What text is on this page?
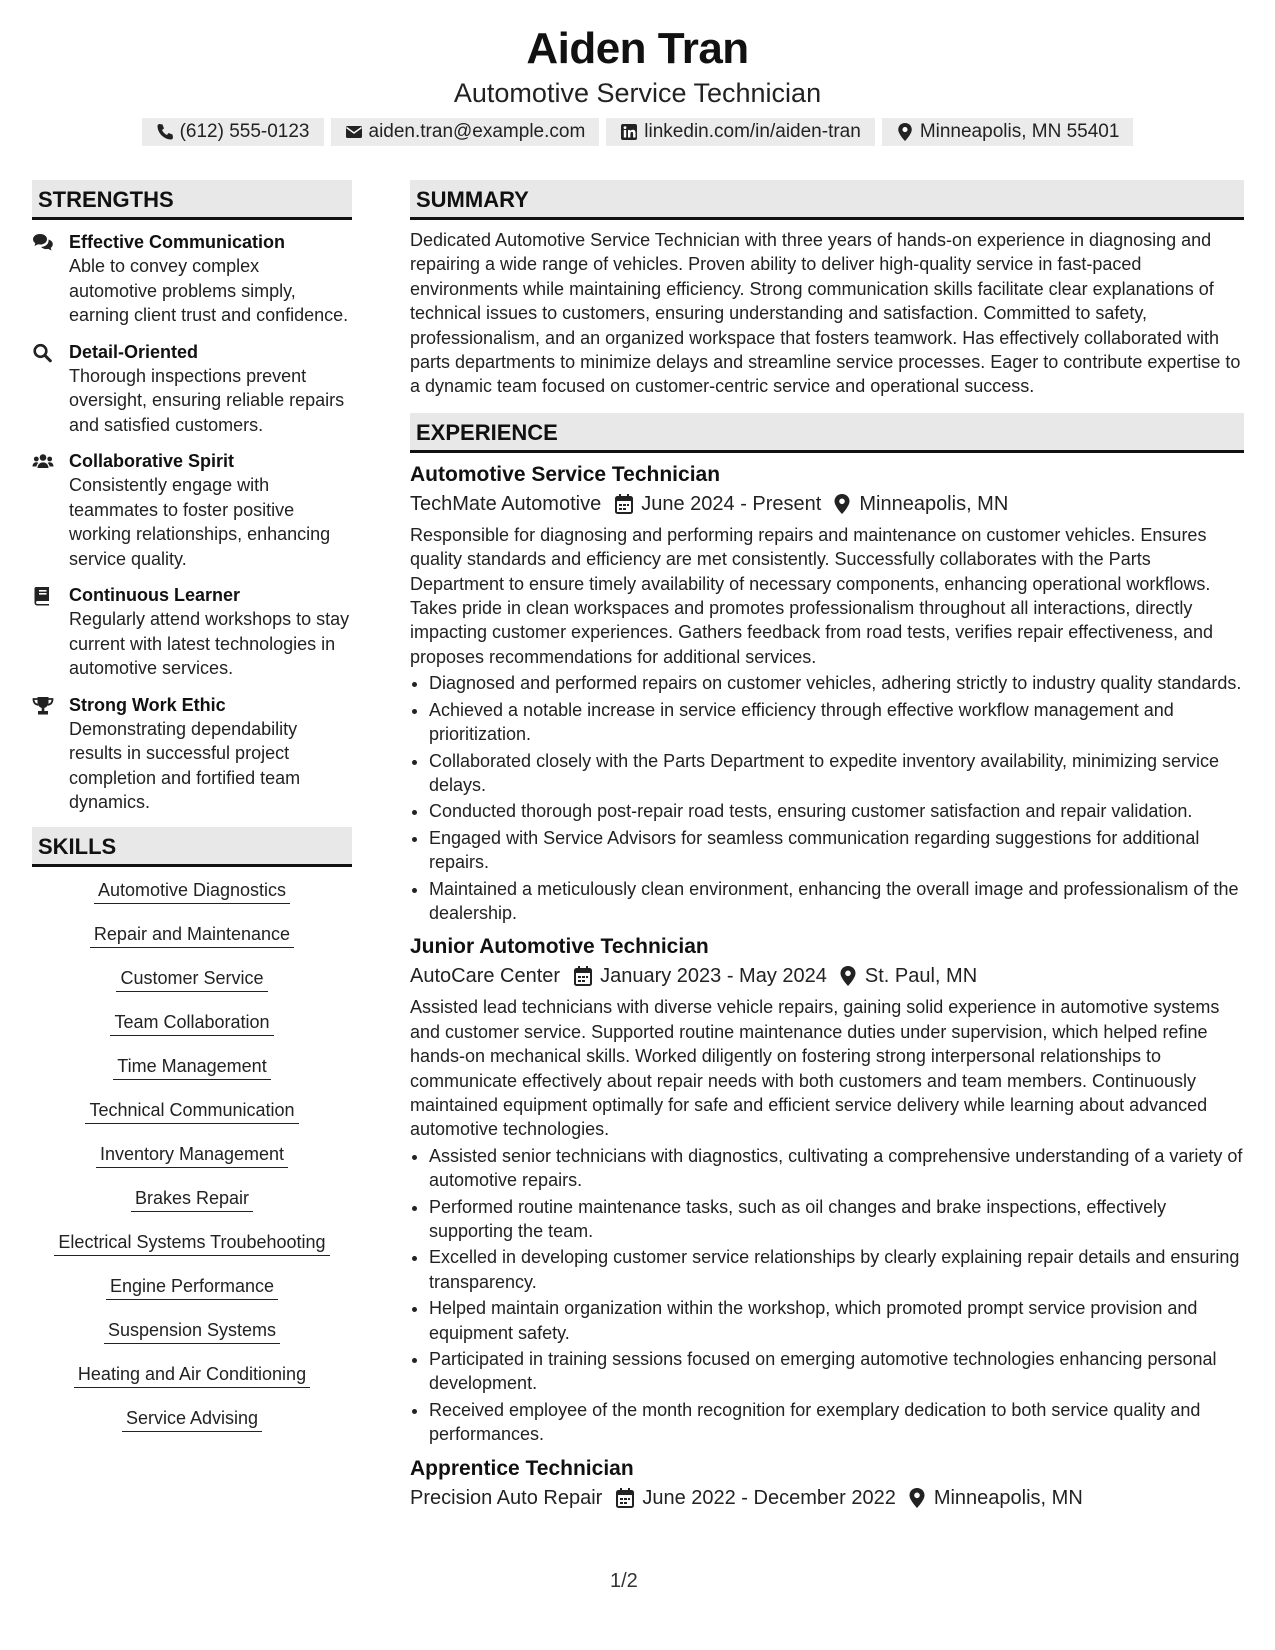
Aiden Tran
Automotive Service Technician
(612) 555-0123	aiden.tran@example.com	linkedin.com/in/aiden-tran	Minneapolis, MN 55401
STRENGTHS
Effective Communication
Able to convey complex automotive problems simply, earning client trust and confidence.
Detail-Oriented
Thorough inspections prevent oversight, ensuring reliable repairs and satisfied customers.
Collaborative Spirit
Consistently engage with teammates to foster positive working relationships, enhancing service quality.
Continuous Learner
Regularly attend workshops to stay current with latest technologies in automotive services.
Strong Work Ethic
Demonstrating dependability results in successful project completion and fortified team dynamics.
SKILLS
Automotive Diagnostics
Repair and Maintenance
Customer Service
Team Collaboration
Time Management
Technical Communication
Inventory Management
Brakes Repair
Electrical Systems Troubehooting
Engine Performance
Suspension Systems
Heating and Air Conditioning
Service Advising
SUMMARY
Dedicated Automotive Service Technician with three years of hands-on experience in diagnosing and repairing a wide range of vehicles. Proven ability to deliver high-quality service in fast-paced environments while maintaining efficiency. Strong communication skills facilitate clear explanations of technical issues to customers, ensuring understanding and satisfaction. Committed to safety, professionalism, and an organized workspace that fosters teamwork. Has effectively collaborated with parts departments to minimize delays and streamline service processes. Eager to contribute expertise to a dynamic team focused on customer-centric service and operational success.
EXPERIENCE
Automotive Service Technician
TechMate Automotive June 2024 - Present Minneapolis, MN
Responsible for diagnosing and performing repairs and maintenance on customer vehicles. Ensures quality standards and efficiency are met consistently. Successfully collaborates with the Parts Department to ensure timely availability of necessary components, enhancing operational workflows. Takes pride in clean workspaces and promotes professionalism throughout all interactions, directly impacting customer experiences. Gathers feedback from road tests, verifies repair effectiveness, and proposes recommendations for additional services.
• Diagnosed and performed repairs on customer vehicles, adhering strictly to industry quality standards.
• Achieved a notable increase in service efficiency through effective workflow management and prioritization.
• Collaborated closely with the Parts Department to expedite inventory availability, minimizing service delays.
• Conducted thorough post-repair road tests, ensuring customer satisfaction and repair validation.
• Engaged with Service Advisors for seamless communication regarding suggestions for additional repairs.
• Maintained a meticulously clean environment, enhancing the overall image and professionalism of the dealership.
Junior Automotive Technician
AutoCare Center January 2023 - May 2024 St. Paul, MN
Assisted lead technicians with diverse vehicle repairs, gaining solid experience in automotive systems and customer service. Supported routine maintenance duties under supervision, which helped refine hands-on mechanical skills. Worked diligently on fostering strong interpersonal relationships to communicate effectively about repair needs with both customers and team members. Continuously maintained equipment optimally for safe and efficient service delivery while learning about advanced automotive technologies.
• Assisted senior technicians with diagnostics, cultivating a comprehensive understanding of a variety of automotive repairs.
• Performed routine maintenance tasks, such as oil changes and brake inspections, effectively supporting the team.
• Excelled in developing customer service relationships by clearly explaining repair details and ensuring transparency.
• Helped maintain organization within the workshop, which promoted prompt service provision and equipment safety.
• Participated in training sessions focused on emerging automotive technologies enhancing personal development.
• Received employee of the month recognition for exemplary dedication to both service quality and performances.
Apprentice Technician
Precision Auto Repair June 2022 - December 2022 Minneapolis, MN
1/2
